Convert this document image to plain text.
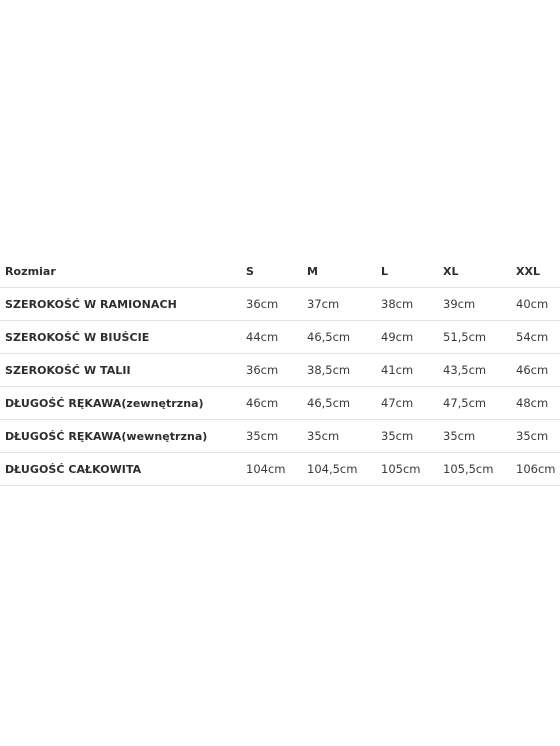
Rozmiar	S	M	L	XL	XXL
SZEROKOŚĆ W RAMIONACH	36cm	37cm	38cm	39cm	40cm
SZEROKOŚĆ W BIUŚCIE	44cm	46,5cm	49cm	51,5cm	54cm
SZEROKOŚĆ W TALII	36cm	38,5cm	41cm	43,5cm	46cm
DŁUGOŚĆ RĘKAWA(zewnętrzna)	46cm	46,5cm	47cm	47,5cm	48cm
DŁUGOŚĆ RĘKAWA(wewnętrzna)	35cm	35cm	35cm	35cm	35cm
DŁUGOŚĆ CAŁKOWITA	104cm 104,5cm 105cm 105,5cm 106cm
